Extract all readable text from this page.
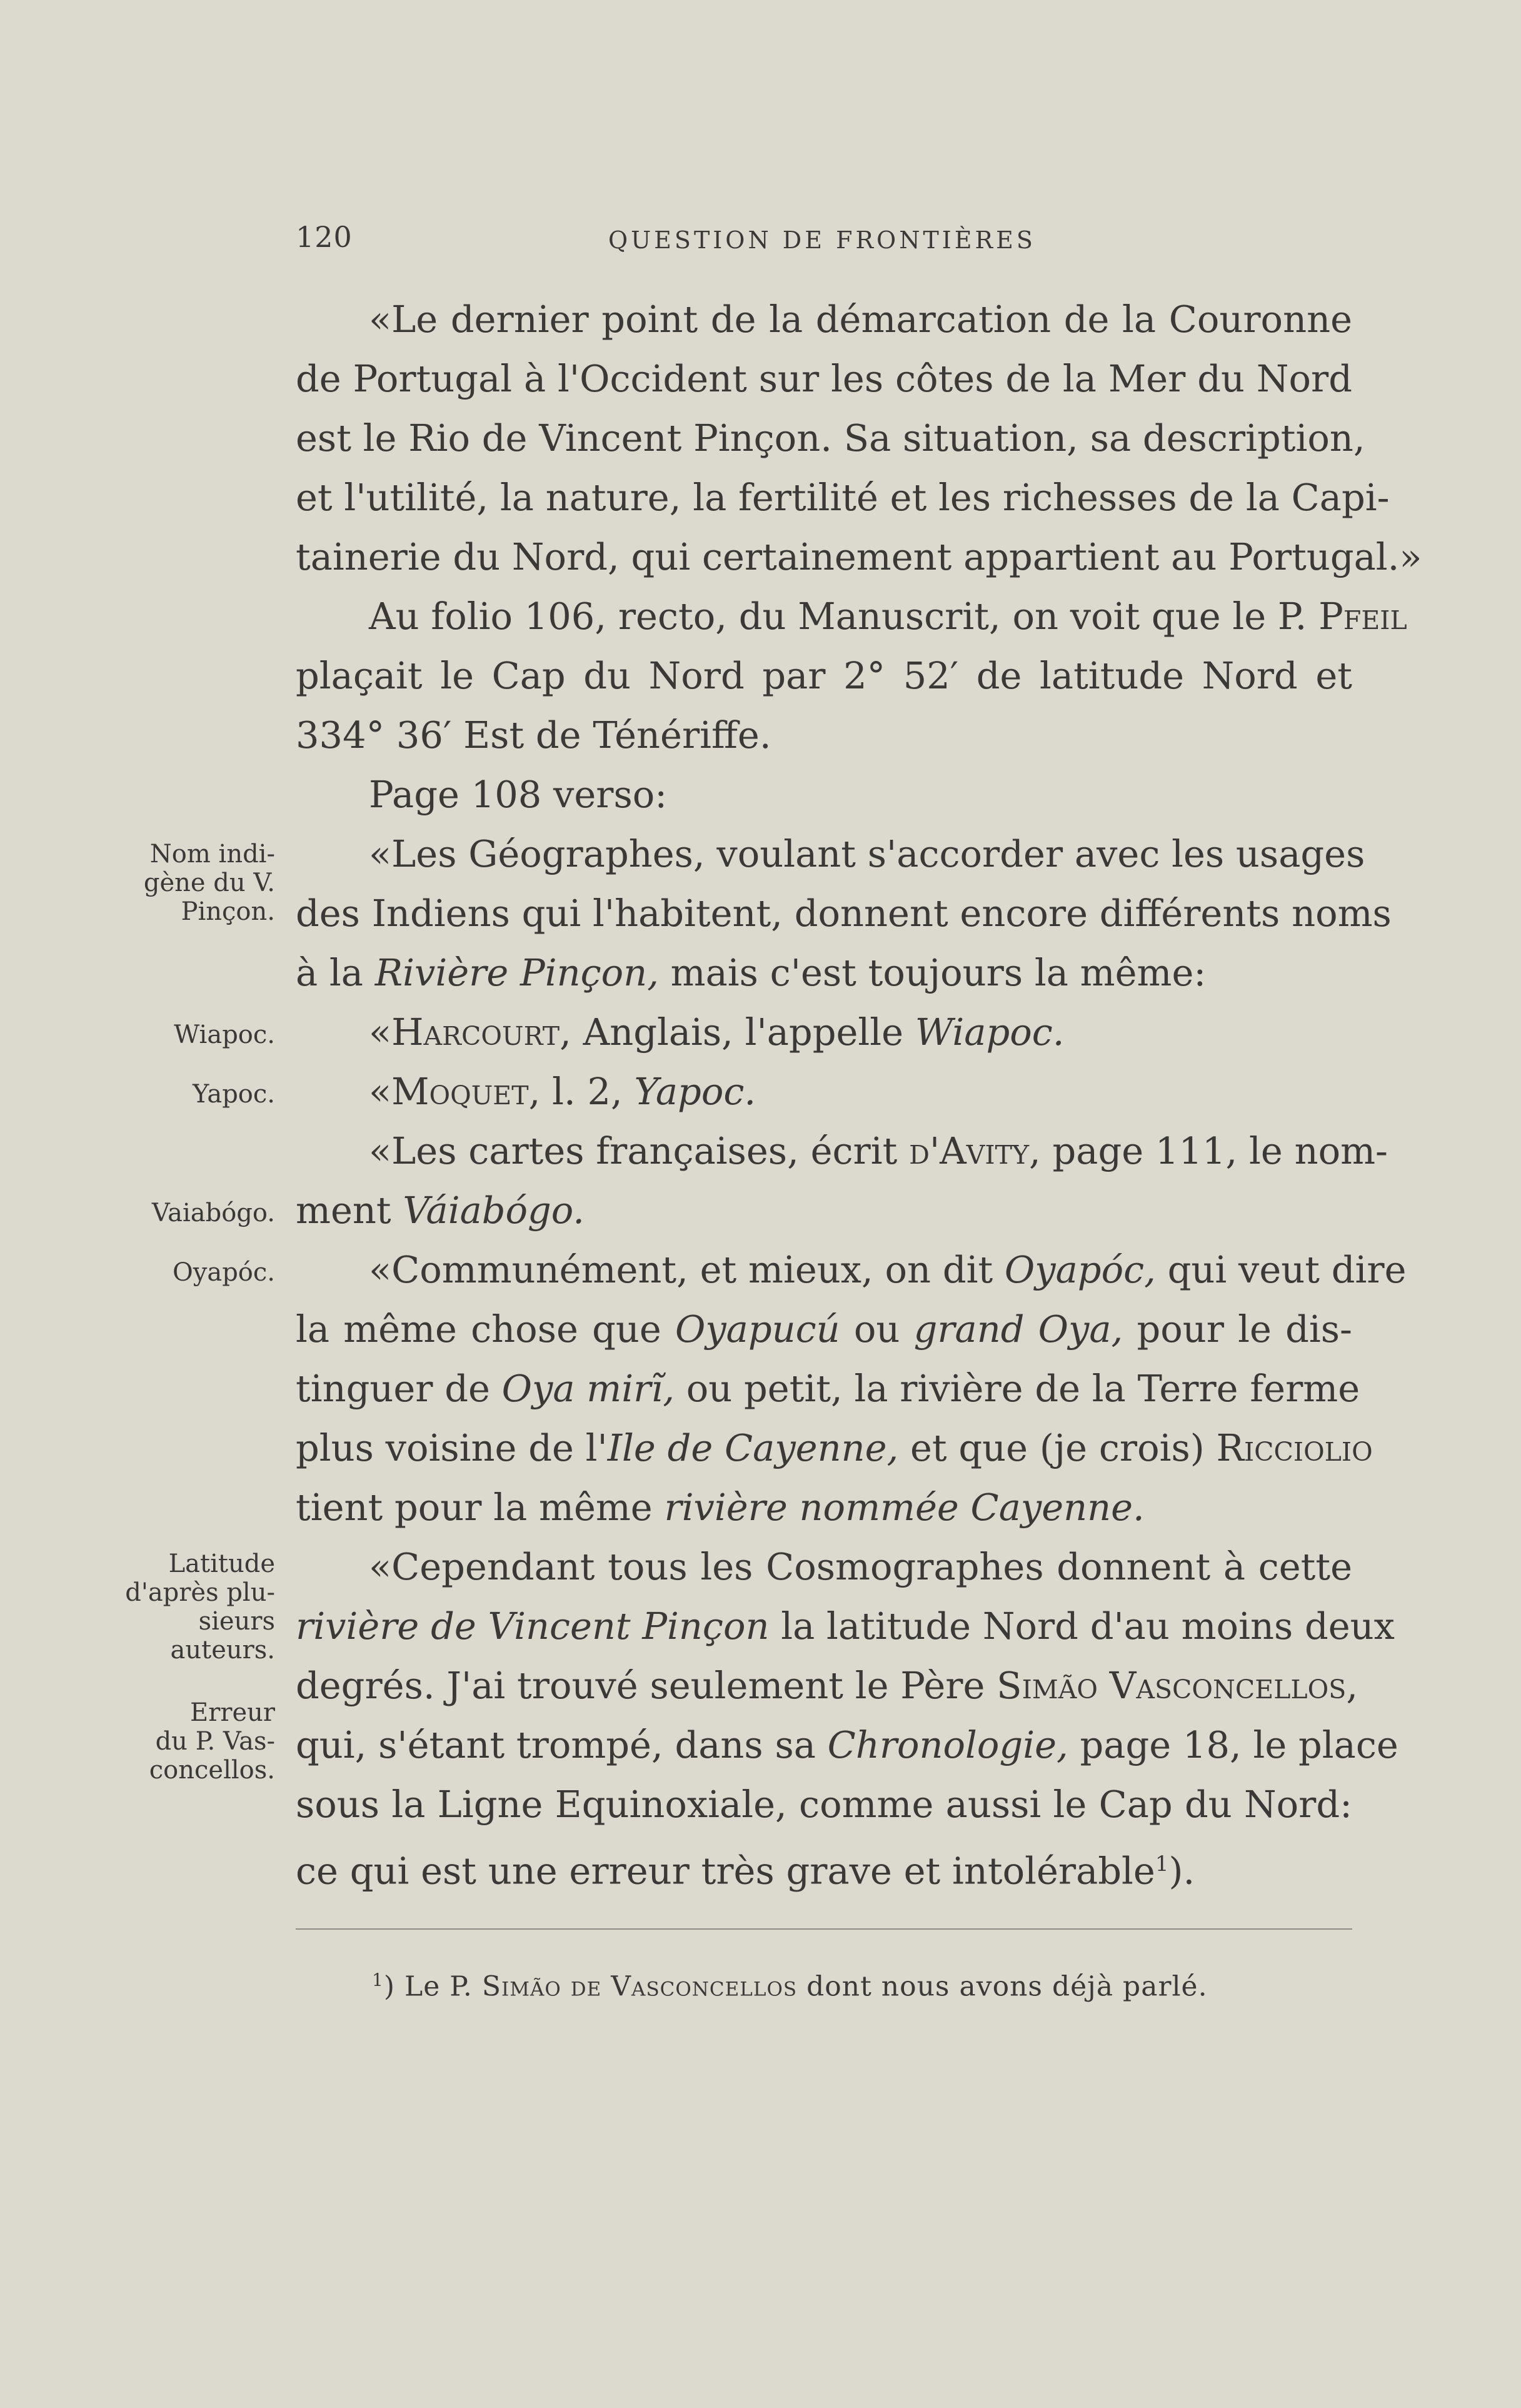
120	QUESTION DE FRONTIÈRES
«Le dernier point de la démarcation de la Couronne
de Portugal à l'Occident sur les côtes de la Mer du Nord
est le Rio de Vincent Pinçon. Sa situation, sa description,
et l'utilité, la nature, la fertilité et les richesses de la Capi-
tainerie du Nord, qui certainement appartient au Portugal.»
Au folio 106, recto, du Manuscrit, on voit que le P. Pfeil
plaçait le Cap du Nord par 2° 52′ de latitude Nord et
334° 36′ Est de Ténériffe.
Page 108 verso:
«Les Géographes, voulant s'accorder avec les usages
des Indiens qui l'habitent, donnent encore différents noms
à la Rivière Pinçon, mais c'est toujours la même:
«Harcourt, Anglais, l'appelle Wiapoc.
«Moquet, l. 2, Yapoc.
«Les cartes françaises, écrit d'Avity, page 111, le nom-
ment Váiabógo.
«Communément, et mieux, on dit Oyapóc, qui veut dire
la même chose que Oyapucú ou grand Oya, pour le dis-
tinguer de Oya mirĩ, ou petit, la rivière de la Terre ferme
plus voisine de l'Ile de Cayenne, et que (je crois) Ricciolio
tient pour la même rivière nommée Cayenne.
«Cependant tous les Cosmographes donnent à cette
rivière de Vincent Pinçon la latitude Nord d'au moins deux
degrés. J'ai trouvé seulement le Père Simão Vasconcellos,
qui, s'étant trompé, dans sa Chronologie, page 18, le place
sous la Ligne Equinoxiale, comme aussi le Cap du Nord:
ce qui est une erreur très grave et intolérable$^1$).
Nom indi-
gène du V.
Pinçon.
Wiapoc.
Yapoc.
Vaiabógo.
Oyapóc.
Latitude
d'après plu-
sieurs
auteurs.
Erreur
du P. Vas-
concellos.
$^1$) Le P. Simão de Vasconcellos dont nous avons déjà parlé.
